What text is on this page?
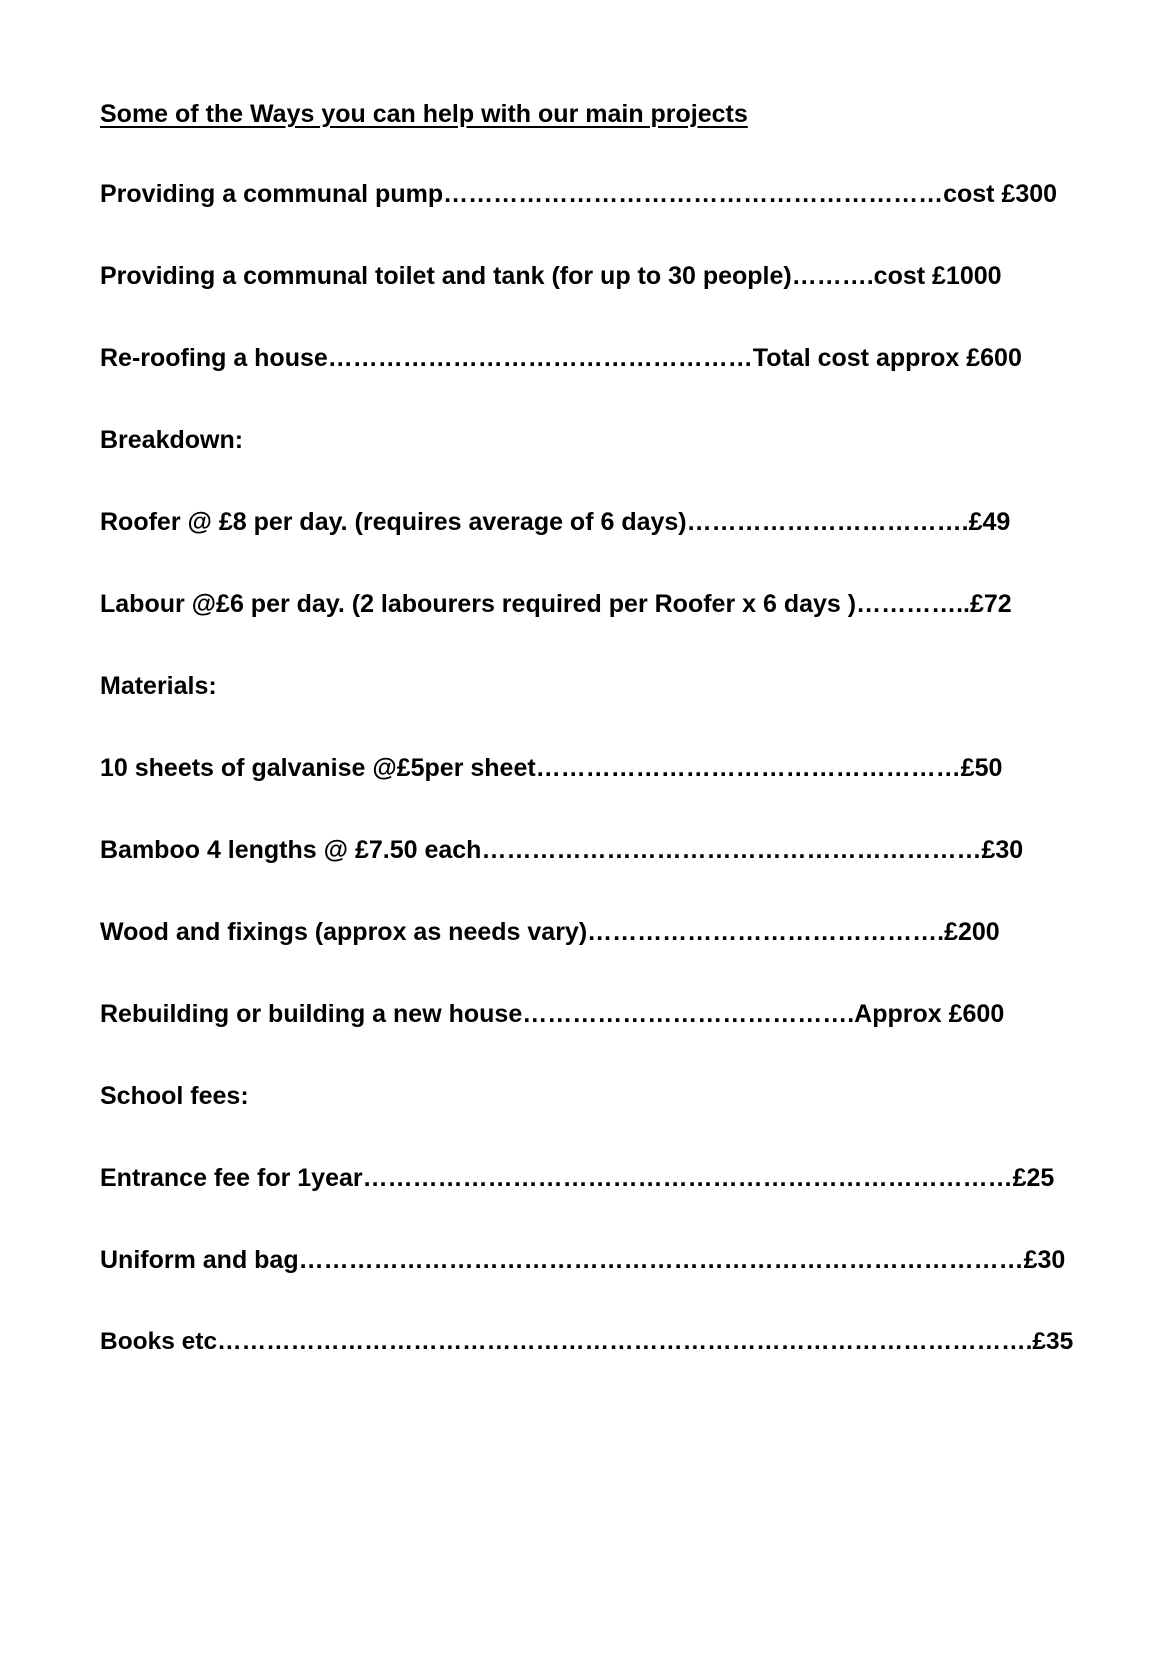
Some of the Ways you can help with our main projects
Providing a communal pump……………………………………………………cost £300
Providing a communal toilet and tank (for up to 30 people)……….cost £1000
Re-roofing a house……………………………………………Total cost approx £600
Breakdown:
Roofer @ £8 per day. (requires average of 6 days)…………………………….£49
Labour @£6 per day. (2 labourers required per Roofer x 6 days )…………..£72
Materials:
10 sheets of galvanise @£5per sheet……………………………………………£50
Bamboo 4 lengths @ £7.50 each……………………………………………………£30
Wood and fixings (approx as needs vary)…………………………………….£200
Rebuilding or building a new house………………………………….Approx £600
School fees:
Entrance fee for 1year……………………………………………………………………£25
Uniform and bag……………………………………………………………………………£30
Books etc……………………………………………………………………………………….£35
